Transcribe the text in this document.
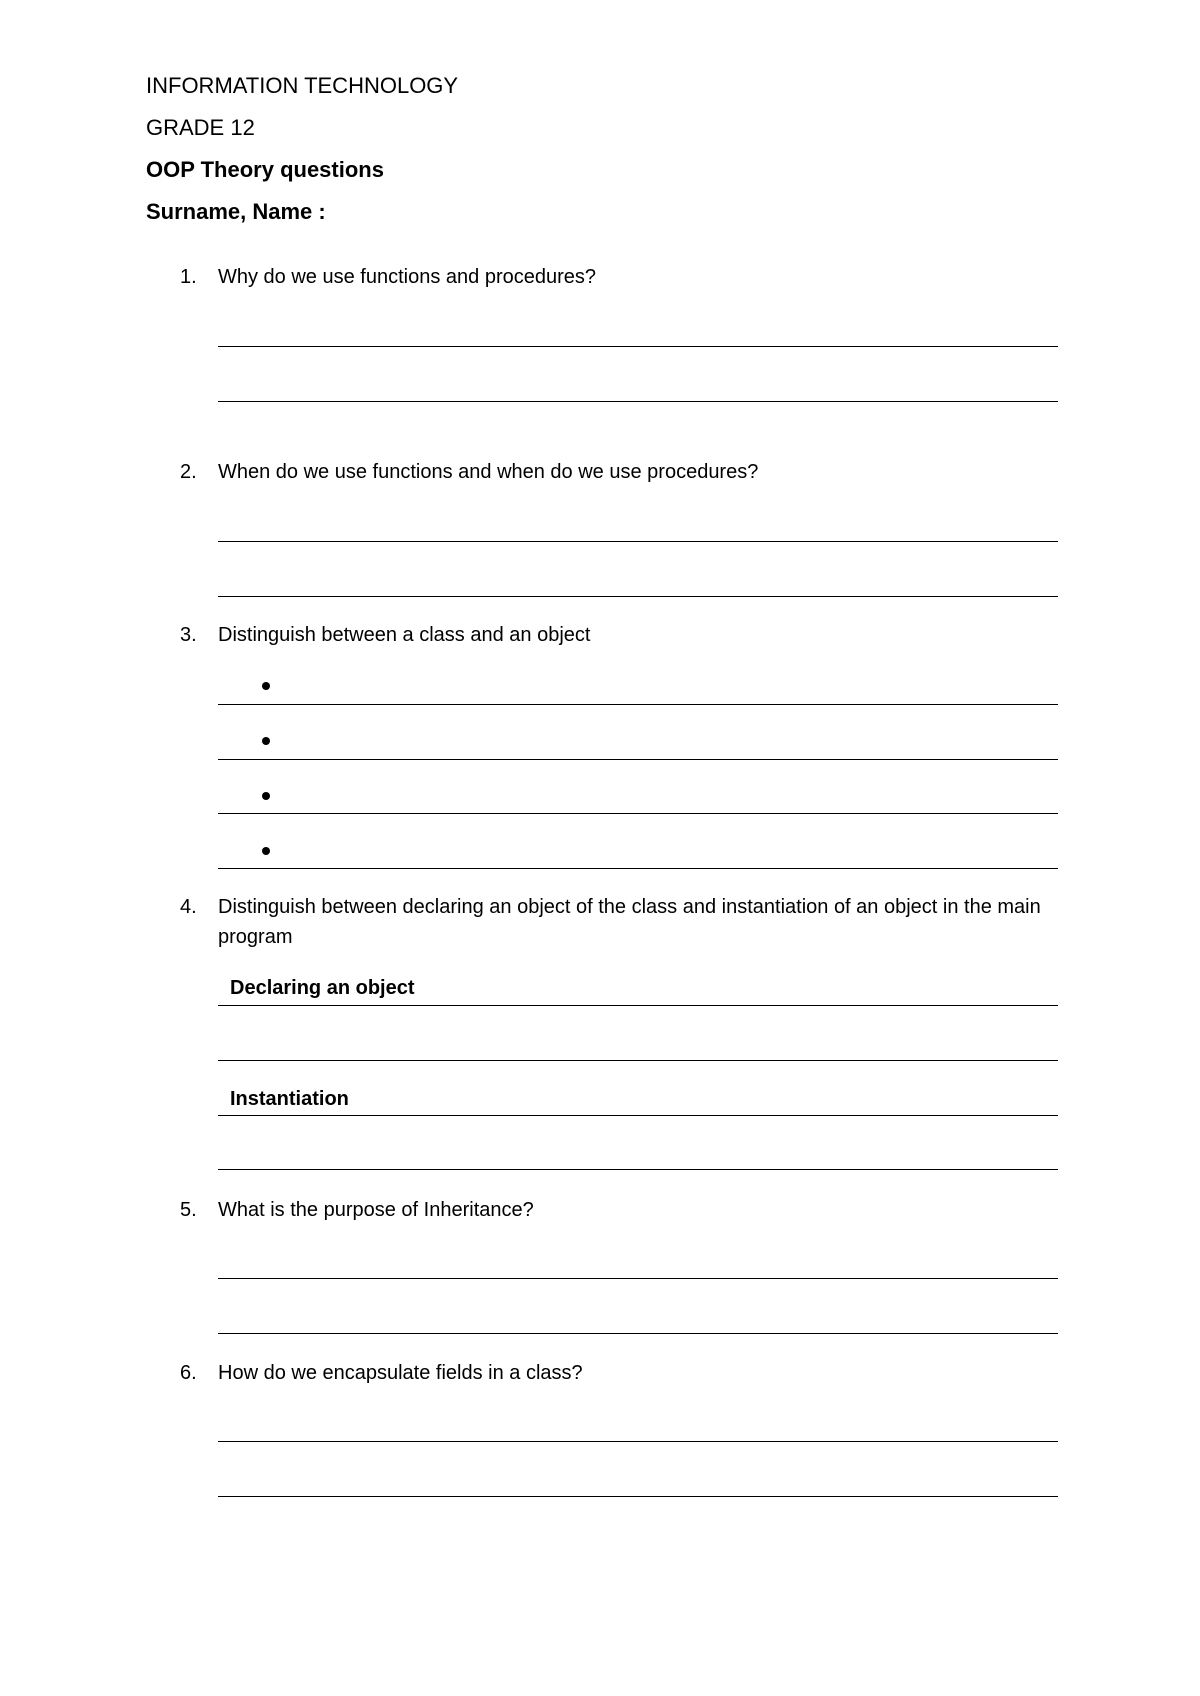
INFORMATION TECHNOLOGY
GRADE 12
OOP Theory questions
Surname, Name :
1. Why do we use functions and procedures?
2. When do we use functions and when do we use procedures?
3. Distinguish between a class and an object
4. Distinguish between declaring an object of the class and instantiation of an object in the main program
Declaring an object
Instantiation
5. What is the purpose of Inheritance?
6. How do we encapsulate fields in a class?
